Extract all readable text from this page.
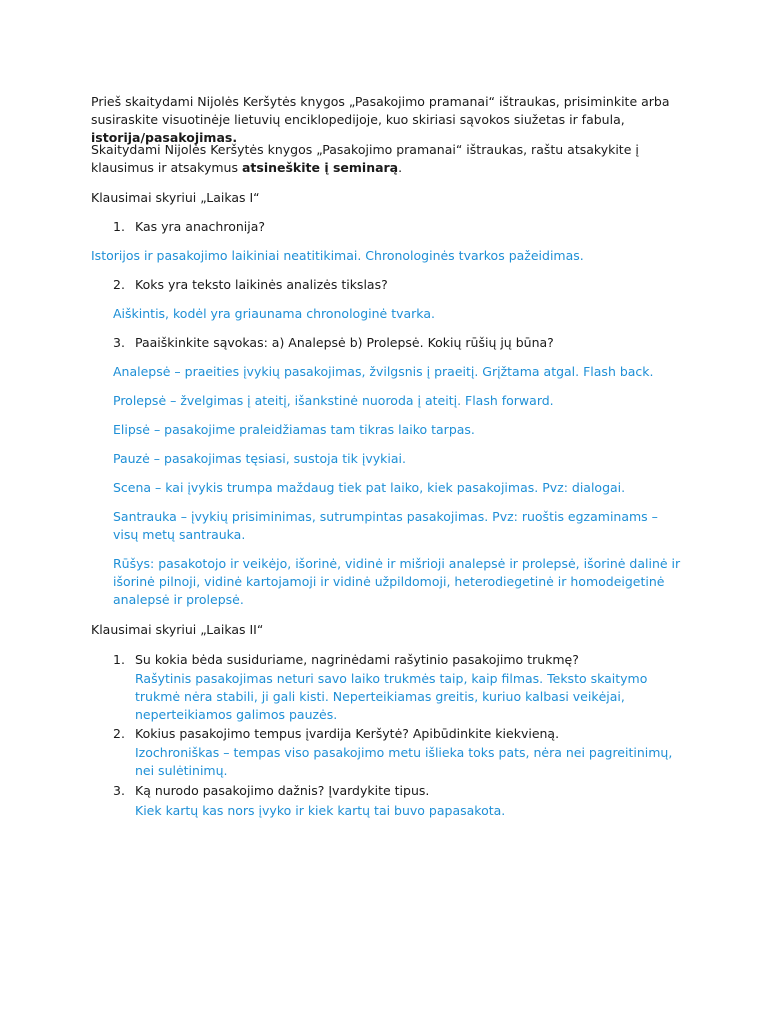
Prieš skaitydami Nijolės Keršytės knygos „Pasakojimo pramanai“ ištraukas, prisiminkite arba susiraskite visuotinėje lietuvių enciklopedijoje, kuo skiriasi sąvokos siužetas ir fabula, istorija/pasakojimas.
Skaitydami Nijolės Keršytės knygos „Pasakojimo pramanai“ ištraukas, raštu atsakykite į klausimus ir atsakymus atsineškite į seminarą.
Klausimai skyriui „Laikas I“
1. Kas yra anachronija?
Istorijos ir pasakojimo laikiniai neatitikimai. Chronologinės tvarkos pažeidimas.
2. Koks yra teksto laikinės analizės tikslas?
Aiškintis, kodėl yra griaunama chronologinė tvarka.
3. Paaiškinkite sąvokas: a) Analepsė b) Prolepsė. Kokių rūšių jų būna?
Analepsė – praeities įvykių pasakojimas, žvilgsnis į praeitį. Grįžtama atgal. Flash back.
Prolepsė – žvelgimas į ateitį, išankstinė nuoroda į ateitį. Flash forward.
Elipsė – pasakojime praleidžiamas tam tikras laiko tarpas.
Pauzė – pasakojimas tęsiasi, sustoja tik įvykiai.
Scena – kai įvykis trumpa maždaug tiek pat laiko, kiek pasakojimas. Pvz: dialogai.
Santrauka – įvykių prisiminimas, sutrumpintas pasakojimas. Pvz: ruoštis egzaminams – visų metų santrauka.
Rūšys: pasakotojo ir veikėjo, išorinė, vidinė ir mišrioji analepsė ir prolepsė, išorinė dalinė ir išorinė pilnoji, vidinė kartojamoji ir vidinė užpildomoji, heterodiegetinė ir homodeigetinė analepsė ir prolepsė.
Klausimai skyriui „Laikas II“
1. Su kokia bėda susiduriame, nagrinėdami rašytinio pasakojimo trukmę?
Rašytinis pasakojimas neturi savo laiko trukmės taip, kaip filmas. Teksto skaitymo trukmė nėra stabili, ji gali kisti. Neperteikiamas greitis, kuriuo kalbasi veikėjai, neperteikiamos galimos pauzės.
2. Kokius pasakojimo tempus įvardija Keršytė? Apibūdinkite kiekvieną.
Izochroniškas – tempas viso pasakojimo metu išlieka toks pats, nėra nei pagreitinimų, nei sulėtinimų.
3. Ką nurodo pasakojimo dažnis? Įvardykite tipus.
Kiek kartų kas nors įvyko ir kiek kartų tai buvo papasakota.
